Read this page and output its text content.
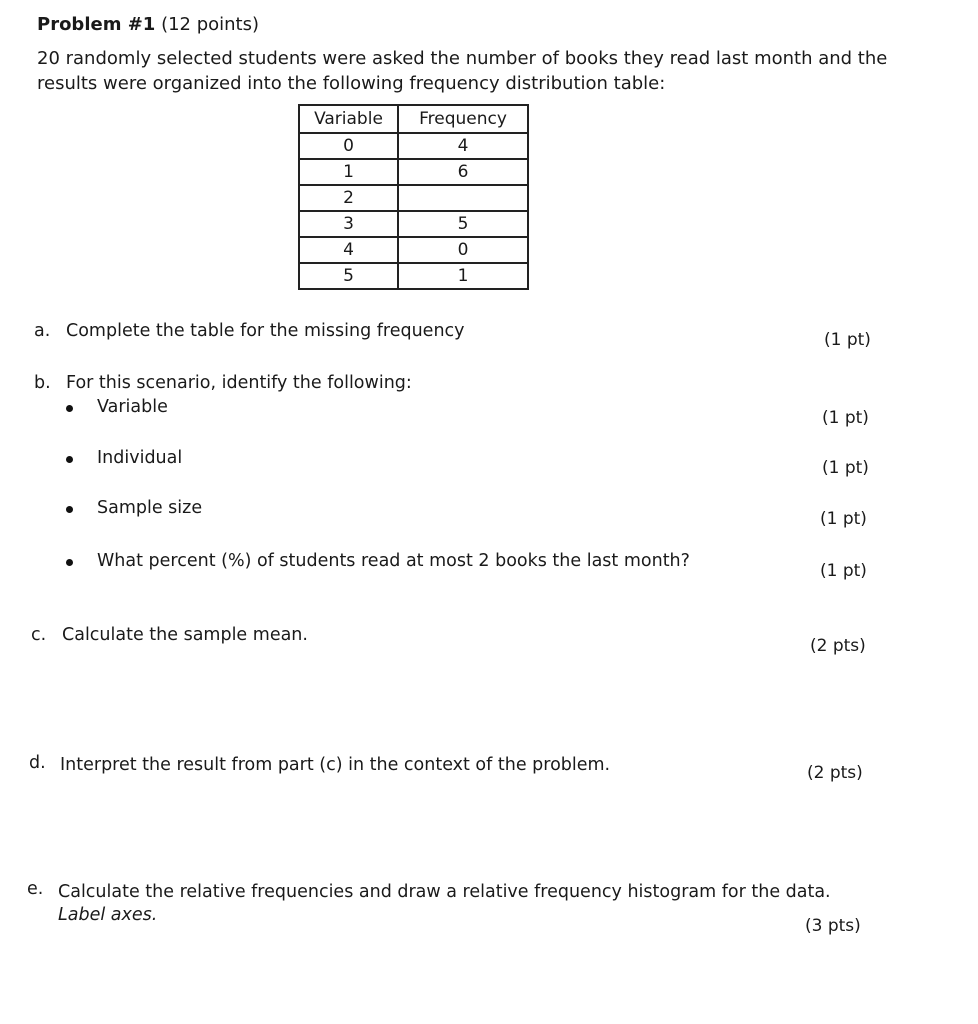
Problem #1 (12 points)
20 randomly selected students were asked the number of books they read last month and the
results were organized into the following frequency distribution table:
Variable	Frequency
0	4
1	6
2	
3	5
4	0
5	1
a. Complete the table for the missing frequency	(1 pt)
b. For this scenario, identify the following:
Variable
(1 pt)
Individual	(1 pt)
Sample size
(1 pt)
What percent (%) of students read at most 2 books the last month?	(1 pt)
c. Calculate the sample mean.
(2 pts)
d. Interpret the result from part (c) in the context of the problem.	(2 pts)
e. Calculate the relative frequencies and draw a relative frequency histogram for the data.
Label axes.
(3 pts)
